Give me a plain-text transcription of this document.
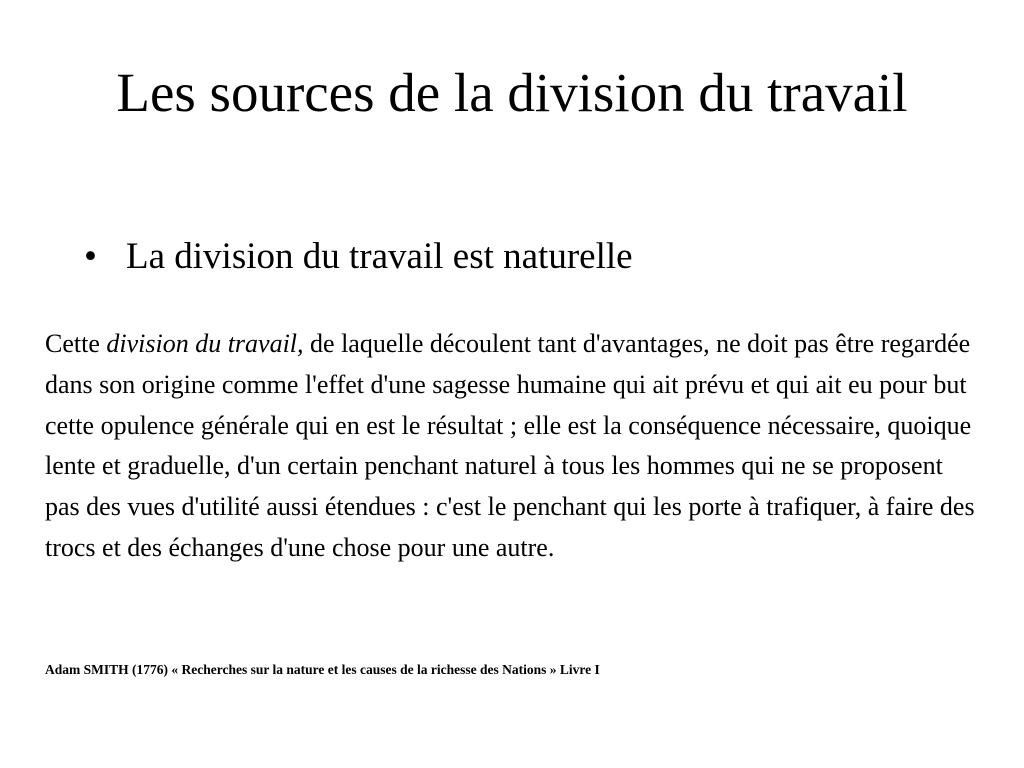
Les sources de la division du travail
• La division du travail est naturelle

Cette division du travail, de laquelle découlent tant d'avantages, ne doit pas être regardée dans son origine comme l'effet d'une sagesse humaine qui ait prévu et qui ait eu pour but cette opulence générale qui en est le résultat ; elle est la conséquence nécessaire, quoique lente et graduelle, d'un certain penchant naturel à tous les hommes qui ne se proposent pas des vues d'utilité aussi étendues : c'est le penchant qui les porte à trafiquer, à faire des trocs et des échanges d'une chose pour une autre.

Adam SMITH (1776) « Recherches sur la nature et les causes de la richesse des Nations » Livre I
